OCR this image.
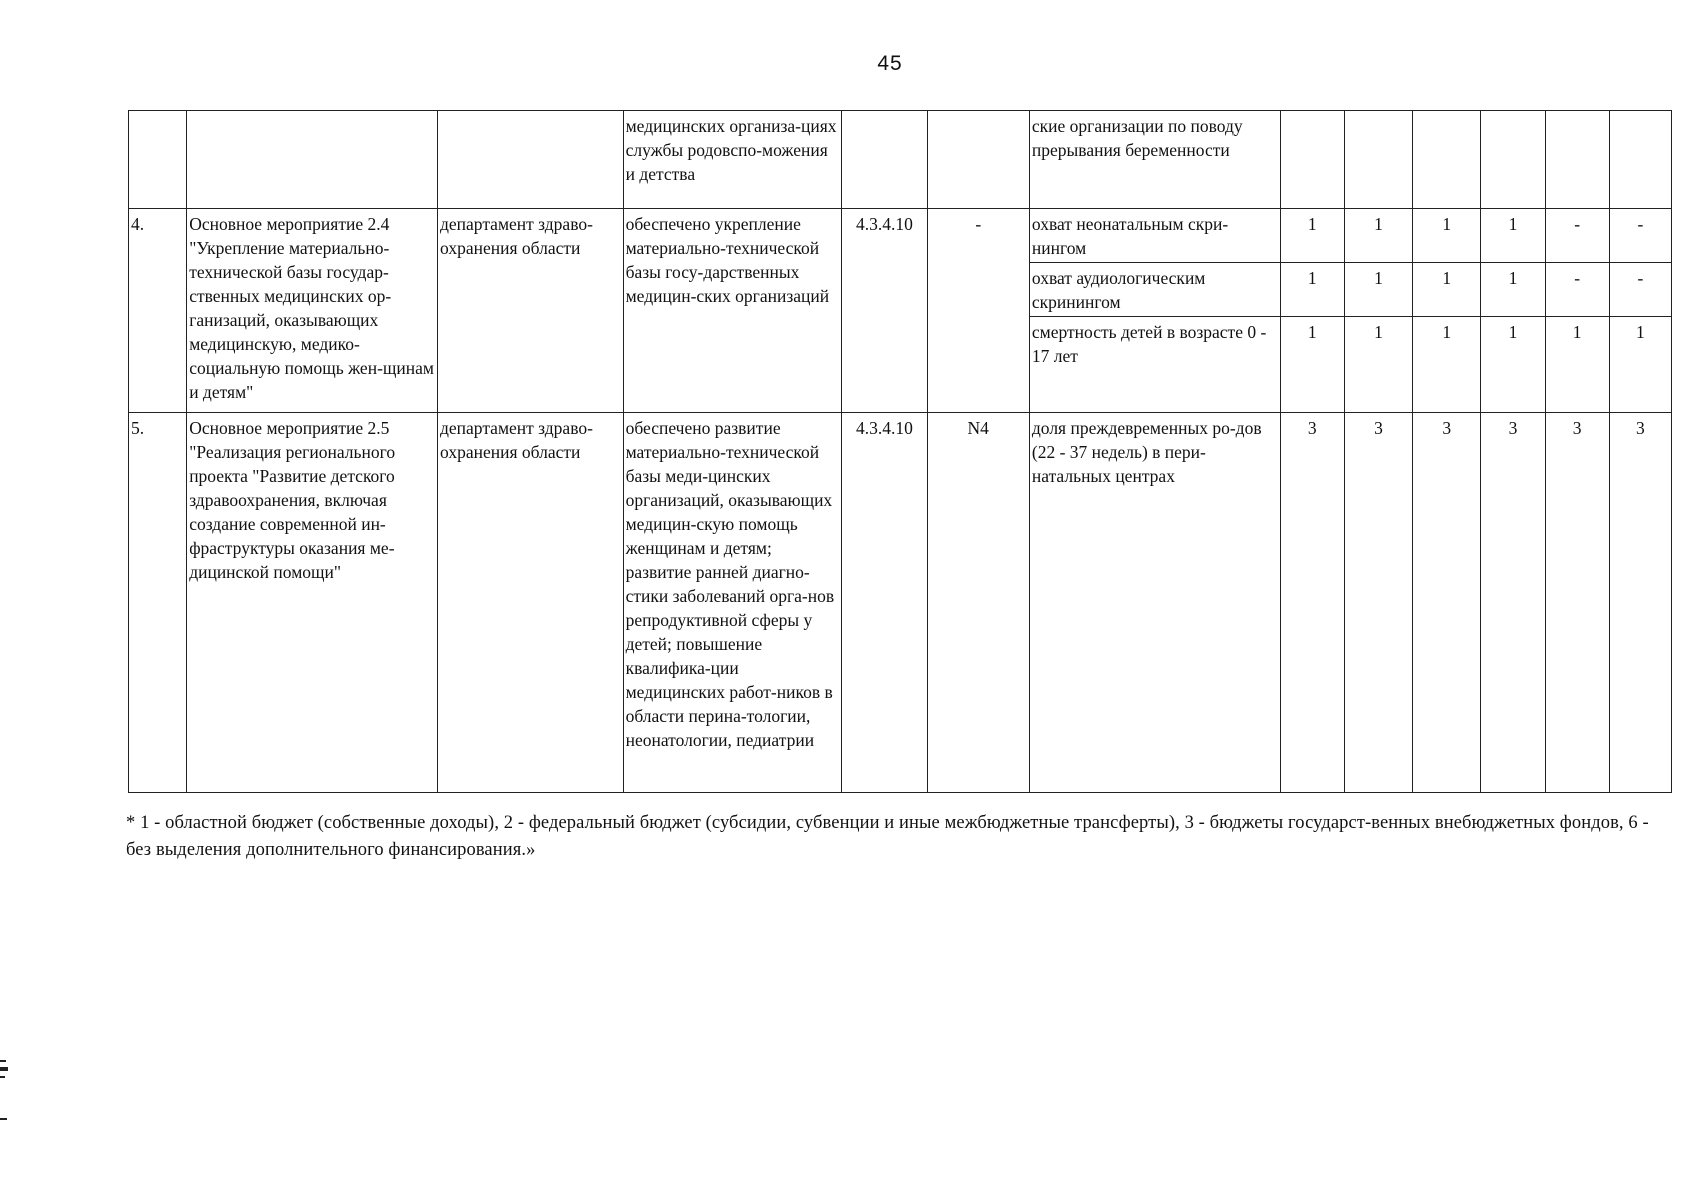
45
			медицинских организа-циях службы родовспо-можения и детства			ские организации по поводу прерывания беременности						
4.	Основное мероприятие 2.4 "Укрепление материально-технической базы государ-ственных медицинских ор-ганизаций, оказывающих медицинскую, медико-социальную помощь жен-щинам и детям"	департамент здраво-охранения области	обеспечено укрепление материально-технической базы госу-дарственных медицин-ских организаций	4.3.4.10	-	охват неонатальным скри-нингом	1	1	1	1	-	-
						охват аудиологическим скринингом	1	1	1	1	-	-
						смертность детей в возрасте 0 - 17 лет	1	1	1	1	1	1
5.	Основное мероприятие 2.5 "Реализация регионального проекта "Развитие детского здравоохранения, включая создание современной ин-фраструктуры оказания ме-дицинской помощи"	департамент здраво-охранения области	обеспечено развитие материально-технической базы меди-цинских организаций, оказывающих медицин-скую помощь женщинам и детям; развитие ранней диагно-стики заболеваний орга-нов репродуктивной сферы у детей; повышение квалифика-ции медицинских работ-ников в области перина-тологии, неонатологии, педиатрии	4.3.4.10	N4	доля преждевременных ро-дов (22 - 37 недель) в пери-натальных центрах	3	3	3	3	3	3
* 1 - областной бюджет (собственные доходы), 2 - федеральный бюджет (субсидии, субвенции и иные межбюджетные трансферты), 3 - бюджеты государст-венных внебюджетных фондов, 6 - без выделения дополнительного финансирования.»
